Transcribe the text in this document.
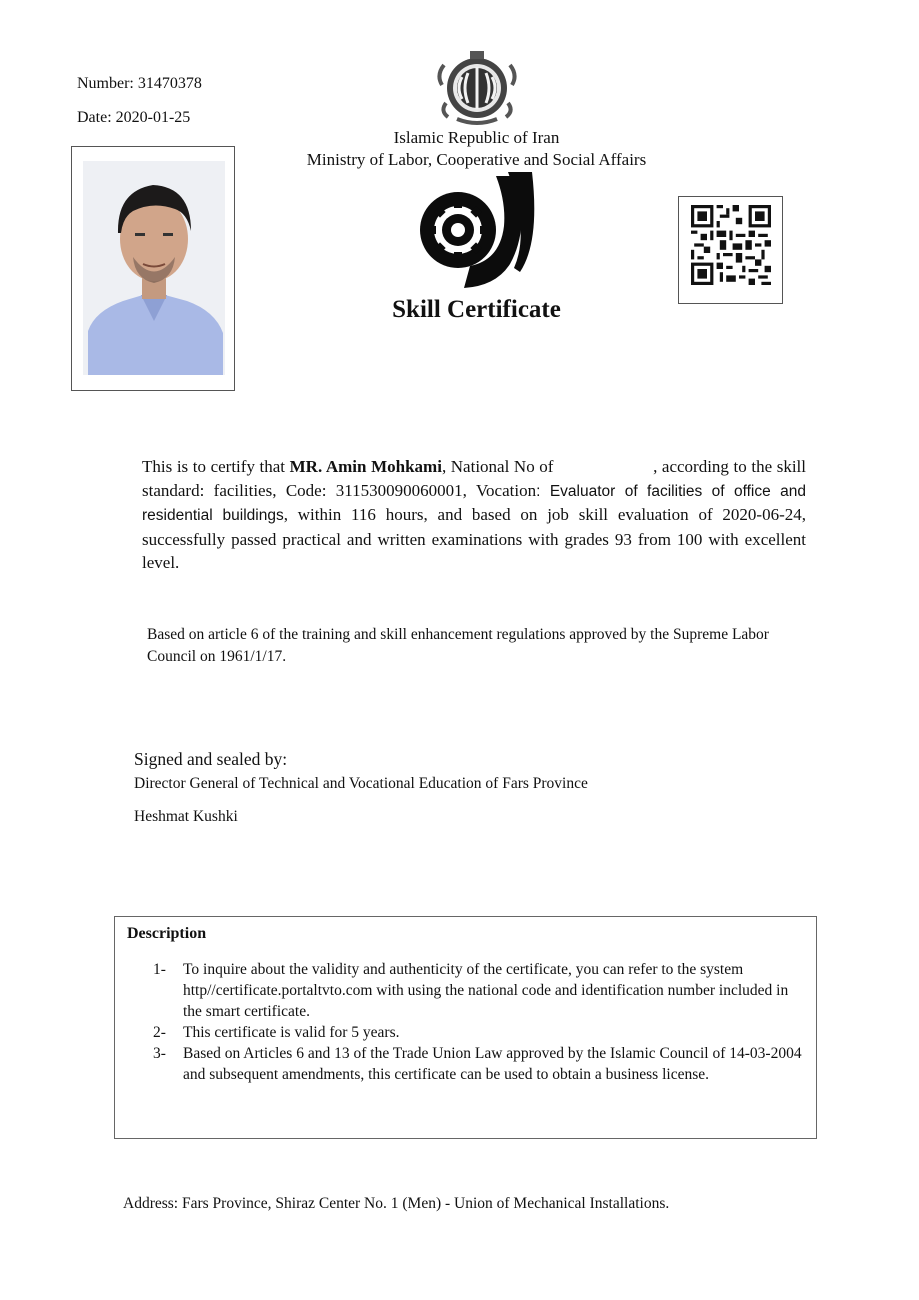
Number: 31470378
Date: 2020-01-25
Islamic Republic of Iran
Ministry of Labor, Cooperative and Social Affairs
Skill Certificate
This is to certify that MR. Amin Mohkami, National No of	, according to the skill standard: facilities, Code: 311530090060001, Vocation: Evaluator of facilities of office and residential buildings, within 116 hours, and based on job skill evaluation of 2020-06-24, successfully passed practical and written examinations with grades 93 from 100 with excellent level.
Based on article 6 of the training and skill enhancement regulations approved by the Supreme Labor Council on 1961/1/17.
Signed and sealed by:
Director General of Technical and Vocational Education of Fars Province
Heshmat Kushki
Description
1- To inquire about the validity and authenticity of the certificate, you can refer to the system http//certificate.portaltvto.com with using the national code and identification number included in the smart certificate.
2- This certificate is valid for 5 years.
3- Based on Articles 6 and 13 of the Trade Union Law approved by the Islamic Council of 14-03-2004 and subsequent amendments, this certificate can be used to obtain a business license.
Address: Fars Province, Shiraz Center No. 1 (Men) - Union of Mechanical Installations.
